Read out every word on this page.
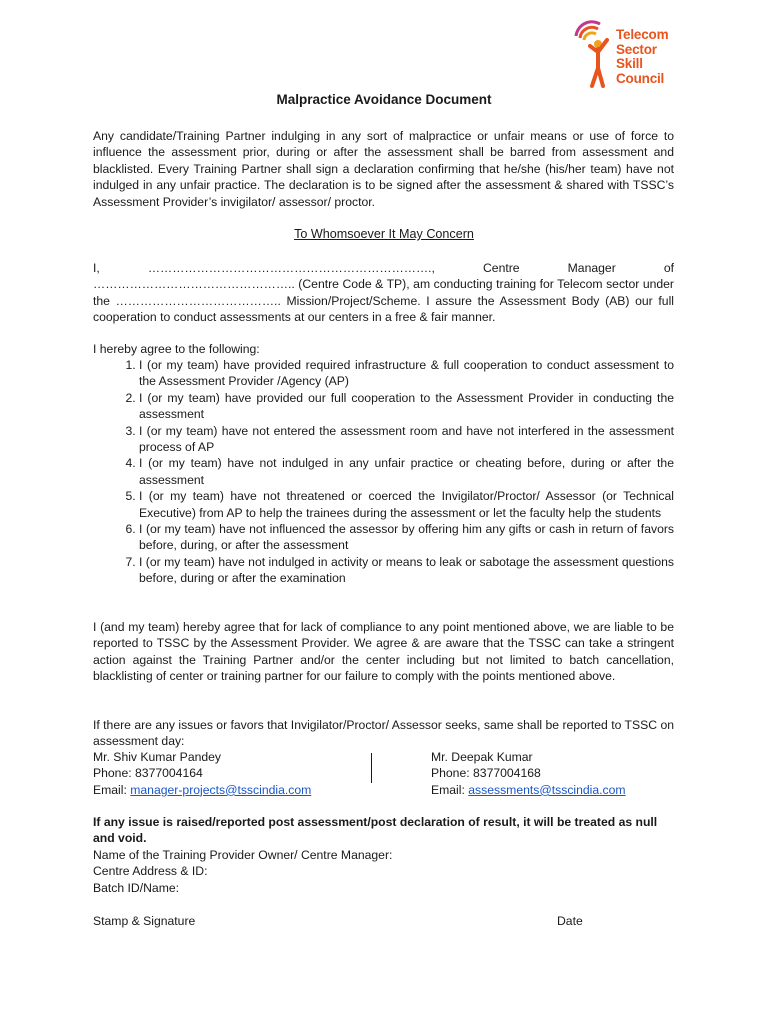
Telecom
Sector
Skill
Council
Malpractice Avoidance Document
Any candidate/Training Partner indulging in any sort of malpractice or unfair means or use of force to influence the assessment prior, during or after the assessment shall be barred from assessment and blacklisted. Every Training Partner shall sign a declaration confirming that he/she (his/her team) have not indulged in any unfair practice. The declaration is to be signed after the assessment & shared with TSSC’s Assessment Provider’s invigilator/ assessor/ proctor.
To Whomsoever It May Concern
I, ……………………………………………………………., Centre Manager of ………………………………………….. (Centre Code & TP), am conducting training for Telecom sector under the ………………………………….. Mission/Project/Scheme. I assure the Assessment Body (AB) our full cooperation to conduct assessments at our centers in a free & fair manner.
I hereby agree to the following:
1. I (or my team) have provided required infrastructure & full cooperation to conduct assessment to the Assessment Provider /Agency (AP)
2. I (or my team) have provided our full cooperation to the Assessment Provider in conducting the assessment
3. I (or my team) have not entered the assessment room and have not interfered in the assessment process of AP
4. I (or my team) have not indulged in any unfair practice or cheating before, during or after the assessment
5. I (or my team) have not threatened or coerced the Invigilator/Proctor/ Assessor (or Technical Executive) from AP to help the trainees during the assessment or let the faculty help the students
6. I (or my team) have not influenced the assessor by offering him any gifts or cash in return of favors before, during, or after the assessment
7. I (or my team) have not indulged in activity or means to leak or sabotage the assessment questions before, during or after the examination
I (and my team) hereby agree that for lack of compliance to any point mentioned above, we are liable to be reported to TSSC by the Assessment Provider. We agree & are aware that the TSSC can take a stringent action against the Training Partner and/or the center including but not limited to batch cancellation, blacklisting of center or training partner for our failure to comply with the points mentioned above.
If there are any issues or favors that Invigilator/Proctor/ Assessor seeks, same shall be reported to TSSC on assessment day:
Mr. Shiv Kumar Pandey
Phone: 8377004164
Email: manager-projects@tsscindia.com
Mr. Deepak Kumar
Phone: 8377004168
Email: assessments@tsscindia.com
If any issue is raised/reported post assessment/post declaration of result, it will be treated as null and void.
Name of the Training Provider Owner/ Centre Manager:
Centre Address & ID:
Batch ID/Name:
Stamp & Signature	Date
